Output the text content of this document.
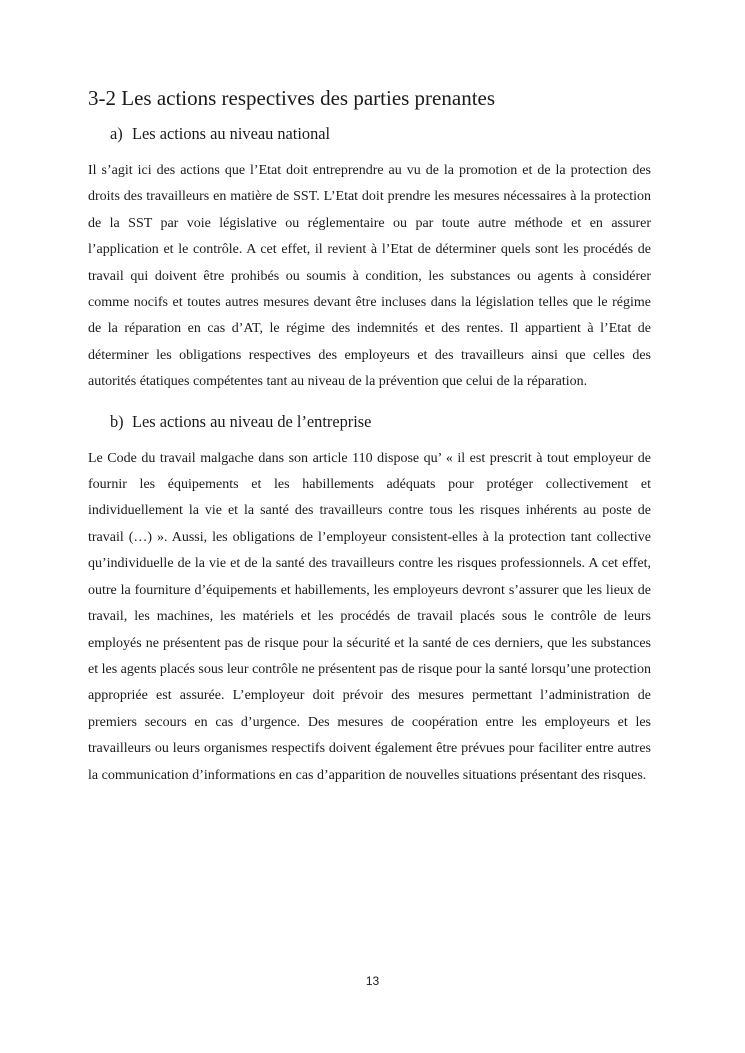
3-2 Les actions respectives des parties prenantes
a) Les actions au niveau national

Il s’agit ici des actions que l’Etat doit entreprendre au vu de la promotion et de la protection des droits des travailleurs en matière de SST. L’Etat doit prendre les mesures nécessaires à la protection de la SST par voie législative ou réglementaire ou par toute autre méthode et en assurer l’application et le contrôle. A cet effet, il revient à l’Etat de déterminer quels sont les procédés de travail qui doivent être prohibés ou soumis à condition, les substances ou agents à considérer comme nocifs et toutes autres mesures devant être incluses dans la législation telles que le régime de la réparation en cas d’AT, le régime des indemnités et des rentes. Il appartient à l’Etat de déterminer les obligations respectives des employeurs et des travailleurs ainsi que celles des autorités étatiques compétentes tant au niveau de la prévention que celui de la réparation.

b) Les actions au niveau de l’entreprise

Le Code du travail malgache dans son article 110 dispose qu’ « il est prescrit à tout employeur de fournir les équipements et les habillements adéquats pour protéger collectivement et individuellement la vie et la santé des travailleurs contre tous les risques inhérents au poste de travail (…) ». Aussi, les obligations de l’employeur consistent-elles à la protection tant collective qu’individuelle de la vie et de la santé des travailleurs contre les risques professionnels. A cet effet, outre la fourniture d’équipements et habillements, les employeurs devront s’assurer que les lieux de travail, les machines, les matériels et les procédés de travail placés sous le contrôle de leurs employés ne présentent pas de risque pour la sécurité et la santé de ces derniers, que les substances et les agents placés sous leur contrôle ne présentent pas de risque pour la santé lorsqu’une protection appropriée est assurée. L’employeur doit prévoir des mesures permettant l’administration de premiers secours en cas d’urgence. Des mesures de coopération entre les employeurs et les travailleurs ou leurs organismes respectifs doivent également être prévues pour faciliter entre autres la communication d’informations en cas d’apparition de nouvelles situations présentant des risques.

13
